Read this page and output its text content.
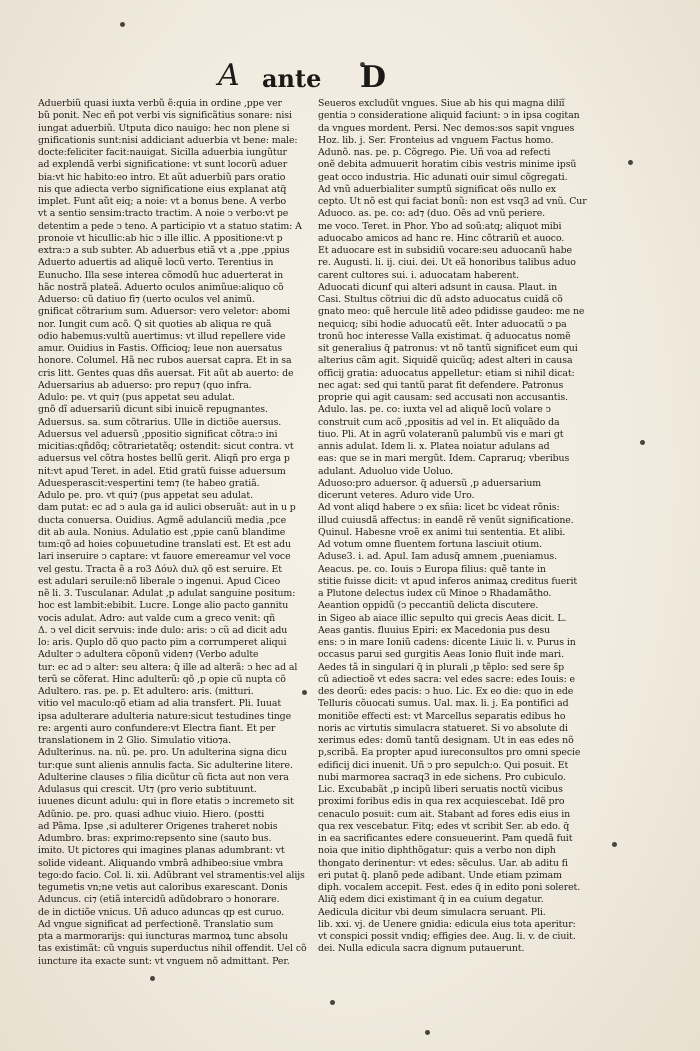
A ante D
Aduerbiũ quasi iuxta verbũ ẽ:quia in ordine ,ppe ver
bũ ponit. Nec eñ pot verbi vis significãtius sonare: nisi
iungat aduerbiũ. Utputa dico nauigo: hec non plene si
gnificationis sunt:nisi addiciant aduerbia vt bene: male:
docte:feliciter facit:nauigat. Sicilla aduerbia iungũtur
ad explendã verbi significatione: vt sunt locorũ aduer
bia:vt hic habito:eo intro. Et aũt aduerbiũ pars oratio
nis que adiecta verbo significatione eius explanat atq̃
implet. Funt aũt eiq; a noie: vt a bonus bene. A verbo
vt a sentio sensim:tracto tractim. A noie ↄ verbo:vt pe
detentim a pede ↄ teno. A participio vt a statuo statim: A
pronoie vt hicullic:ab hic ↄ ille illic. A ppositione:vt p
extra:ↄ a sub subter. Ab aduerbus etiã vt a ,ppe ,ppius
Aduerto aduertis ad aliquẽ locũ verto. Terentius in
Eunucho. Illa sese interea cõmodũ huc aduerterat in
hãc nostrã plateã. Aduerto oculos animũue:aliquo cõ
Aduerso: cũ datiuo fi⁊ (uerto oculos vel animũ.
gnificat cõtrarium sum. Aduersor: vero veletor: abomi
nor. Iungit cum acõ. Q̃ sit quoties ab aliqua re quã
odio habemus:vultũ auertimus: vt illud repellere vide
amur. Ouidius in Fastis. Officioq; leue non auersatus
honore. Columel. Hã nec rubos auersat capra. Et in sa
cris litt. Gentes quas dñs auersat. Fit aũt ab auerto: de
Aduersarius ab aduerso: pro repu⁊ (quo infra.
Adulo: pe. vt qui⁊ (pus appetat seu adulat.
gnõ dĩ aduersariũ dicunt sibi inuicẽ repugnantes.
Aduersus. sa. sum cõtrarius. Ulle in dictiõe auersus.
Aduersus vel aduersũ ,ppositio significat cõtra:ↄ ini
micitias:qñdõq; cõtrarietatẽq; ostendit: sicut contra. vt
aduersus vel cõtra hostes bellũ gerit. Aliqñ pro erga p
nit:vt apud Teret. in adel. Etid gratũ fuisse aduersum
Aduesperascit:vespertini tem⁊ (te habeo gratiã.
Adulo pe. pro. vt qui⁊ (pus appetat seu adulat.
dam putat: ec ad ↄ aula ga id aulici obseruãt: aut in u p
ducta conuersa. Ouidius. Agmẽ adulanciũ media ,pce
dit ab aula. Nonius. Adulatio est ,ppie canũ blandime
tum:qõ ad hoies coþuuetudine translati est. Et est adu
lari inseruire ↄ captare: vt fauore emereamur vel voce
vel gestu. Tracta ẽ a ro3 Δόυλ duλ qõ est seruire. Et
est adulari seruile:nõ liberale ↄ ingenui. Apud Ciceo
nẽ li. 3. Tusculanar. Adulat ,p adulat sanguine positum:
hoc est lambit:ebibit. Lucre. Longe alio pacto gannitu
vocis adulat. Adro: aut valde cum a greco venit: qñ
Δ. ↄ vel dicit servuis: inde dulo: aris: ↄ cũ ad dicit adu
lo: aris. Quplo dõ quo pacto pim a corrumperet aliqui
Adulter ↄ adultera cõponũ viden⁊ (Verbo adulte
tur: ec ad ↄ alter: seu altera: q̃ ille ad alterã: ↄ hec ad al
terũ se cõferat. Hinc adulterũ: qõ ,p opie cũ nupta cõ
Adultero. ras. pe. p. Et adultero: aris. (mitturi.
vitio vel maculo:qõ etiam ad alia transfert. Pli. Iuuat
ipsa adulterare adulteria nature:sicut testudines tinge
re: argenti auro confundere:vt Electra fiant. Et per
translationem in 2 Glio. Simulatio vitio⁊a.
Adulterinus. na. nũ. pe. pro. Un adulterina signa dicu
tur:que sunt alienis annulis facta. Sic adulterine litere.
Adulterine clauses ↄ filia dicũtur cũ ficta aut non vera
Adulasus qui crescit. Ut⁊ (pro verio subtituunt.
iuuenes dicunt adulu: qui in flore etatis ↄ incremeto sit
Adũnio. pe. pro. quasi adhuc viuio. Hiero. (postti
ad Pãma. Ipse ,si adulterer Origenes traheret nobis
Adumbro. bras: exprimo:repsento sine (sauto bus.
imito. Ut pictores qui imagines planas adumbrant: vt
solide videant. Aliquando vmbrã adhibeo:siue vmbra
tego:do facio. Col. li. xii. Adũbrant vel stramentis:vel alijs
tegumetis vn;ne vetis aut caloribus exarescant. Donis
Aduncus. ci⁊ (etiã intercidũ adũdobraro ↄ honorare.
de in dictiõe vnicus. Uñ aduco aduncas qp est curuo.
Ad vngue significat ad perfectionẽ. Translatio sum
pta a marmorarijs: qui iuncturas marmoꝝ tunc absolu
tas existimãt: cũ vnguis superductus nihil offendit. Uel cõ
iuncture ita exacte sunt: vt vnguem nõ admittant. Per.
Seueros excludũt vngues. Siue ab his qui magna diliĩ
gentia ↄ consideratione aliquid faciunt: ↄ in ipsa cogitan
da vngues mordent. Persi. Nec demos:sos sapit vngues
Hoz. lib. j. Ser. Fronteius ad vnguem Factus homo.
Adunõ. nas. pe. p. Cõgrego. Pie. Uñ voa ad refecti
onẽ debita admuuerit horatim cibis vestris minime ipsũ
geat occo industria. Hic adunati ouir simul cõgregati.
Ad vnũ aduerbialiter sumptũ significat oẽs nullo ex
cepto. Ut nõ est qui faciat bonũ: non est vsq3 ad vnũ. Cur
Aduoco. as. pe. co: ad⁊ (duo. Oẽs ad vnũ periere.
me voco. Teret. in Phor. Ybo ad soũ:atq; aliquot mibi
aduocabo amicos ad hanc re. Hinc cõtrariũ et auoco.
Et aduocare est in subsidiũ vocare:seu aduocanũ habe
re. Augusti. li. ij. ciui. dei. Ut eã honoribus talibus aduo
carent cultores sui. i. aduocatam haberent.
Aduocati dicunf qui alteri adsunt in causa. Plaut. in
Casi. Stultus cõtriui dic dũ adsto aduocatus cuidã cõ
gnato meo: quẽ hercule litẽ adeo pdidisse gaudeo: me ne
nequicq; sibi hodie aduocatũ eẽt. Inter aduocatũ ↄ pa
tronũ hoc interesse Valla existimat. q̃ aduocatus nomẽ
sit generalius q̃ patronus: vt nõ tantũ significet eum qui
alterius cãm agit. Siquidẽ quicũq; adest alteri in causa
officij gratia: aduocatus appelletur: etiam si nihil dicat:
nec agat: sed qui tantũ parat fit defendere. Patronus
proprie qui agit causam: sed accusati non accusantis.
Adulo. las. pe. co: iuxta vel ad aliquẽ locũ volare ↄ
construit cum acõ ,ppositis ad vel in. Et aliquãdo da
tiuo. Pli. At in agrũ volateranũ palumbũ vis e mari gt
annis adulat. Idem li. x. Platea noiatur adulans ad
eas: que se in mari mergũt. Idem. Capraruq; vberibus
adulant. Aduoluo vide Uoluo.
Aduoso:pro aduersor. q̃ aduersũ ,p aduersarium
dicerunt veteres. Aduro vide Uro.
Ad vont aliqd habere ↄ ex sñia: licet bc videat rõnis:
illud cuiusdã affectus: in eandẽ rẽ venũt significatione.
Quinul. Habesne vroẽ ex animi tui sententia. Et alibi.
Ad votum omne fluentem fortuna lasciuit otium.
Aduse3. i. ad. Apul. Iam adusq̃ amnem ,pueniamus.
Aeacus. pe. co. Iouis ↄ Europa filius: quẽ tante in
stitie fuisse dicit: vt apud inferos animaꝝ creditus fuerit
a Plutone delectus iudex cũ Minoe ↄ Rhadamãtho.
Aeantion oppidũ (ↄ peccantiũ delicta discutere.
in Sigeo ab aiace illic sepulto qui grecis Aeas dicit. L.
Aeas gantis. fluuius Epiri: ex Macedonia pus desu
ens: ↄ in mare Ioniũ cadens: dicente Liuic li. v. Purus in
occasus parui sed gurgitis Aeas Ionio fluit inde mari.
Aedes tã in singulari q̃ in plurali ,p tẽplo: sed sere s̃p
cũ adiectioẽ vt edes sacra: vel edes sacre: edes Iouis: e
des deorũ: edes pacis: ↄ huo. Lic. Ex eo die: quo in ede
Telluris cõuocati sumus. Ual. max. li. j. Ea pontifici ad
monitiõe effecti est: vt Marcellus separatis edibus ho
noris ac virtutis simulacra statueret. Si vo absolute di
xerimus edes: domũ tantũ designam. Ut in eas edes nõ
p,scribã. Ea propter apud iureconsultos pro omni specie
edificij dici inuenit. Uñ ↄ pro sepulch:o. Qui posuit. Et
nubi marmorea sacraq3 in ede sichens. Pro cubiculo.
Lic. Excubabãt ,p incipũ liberi seruatis noctũ vicibus
proximi foribus edis in qua rex acquiescebat. Idẽ pro
cenaculo posuit: cum ait. Stabant ad fores edis eius in
qua rex vescebatur. Fitq; edes vt scribit Ser. ab edo. q̃
in ea sacrificantes edere consueuerint. Pam quedã fuit
noia que initio diphthõgatur: quis a verbo non diph
thongato derinentur: vt edes: sẽculus. Uar. ab aditu fi
eri putat q̃. planõ pede adibant. Unde etiam pzimam
diph. vocalem accepit. Fest. edes q̃ in edito poni soleret.
Aliq̃ edem dici existimant q̃ in ea cuium degatur.
Aedicula dicitur vbi deum simulacra seruant. Pli.
lib. xxi. vj. de Uenere gnidia: edicula eius tota aperitur:
vt conspici possit vndiq; effigies dee. Aug. li. v. de ciuit.
dei. Nulla edicula sacra dignum putauerunt.
